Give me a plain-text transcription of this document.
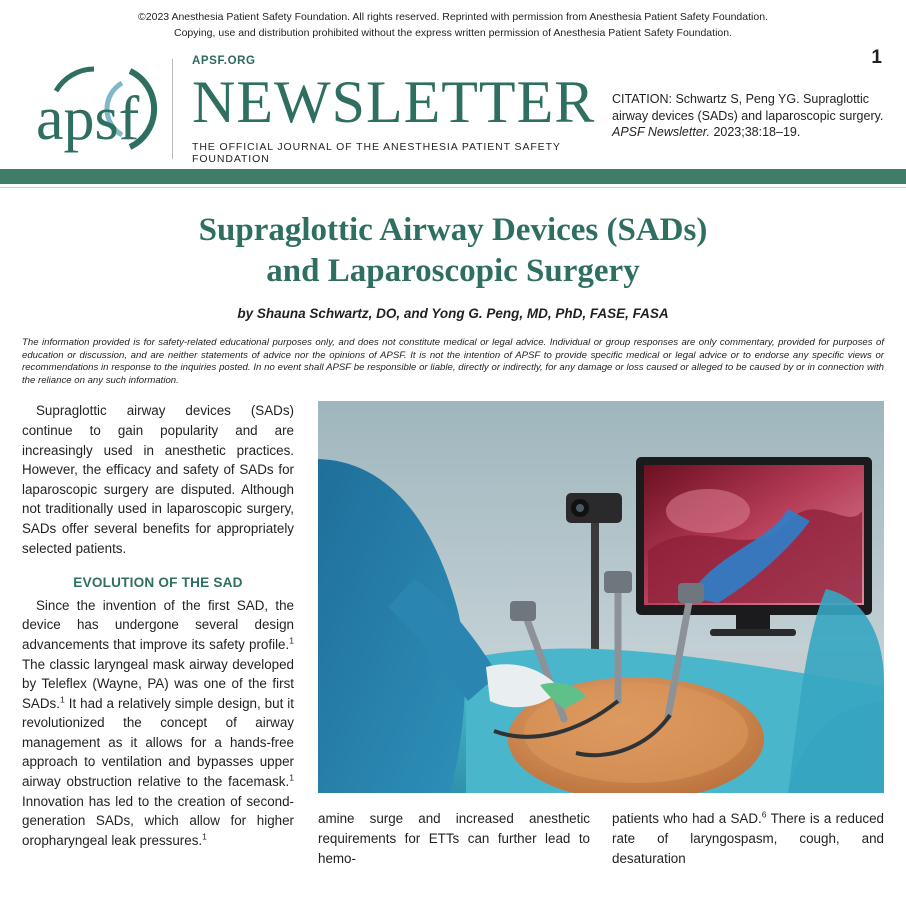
©2023 Anesthesia Patient Safety Foundation. All rights reserved. Reprinted with permission from Anesthesia Patient Safety Foundation.
Copying, use and distribution prohibited without the express written permission of Anesthesia Patient Safety Foundation.
1
apsf
APSF.ORG
NEWSLETTER
THE OFFICIAL JOURNAL OF THE ANESTHESIA PATIENT SAFETY FOUNDATION
CITATION: Schwartz S, Peng YG. Supraglottic airway devices (SADs) and laparoscopic surgery. APSF Newsletter. 2023;38:18–19.
Supraglottic Airway Devices (SADs)
and Laparoscopic Surgery
by Shauna Schwartz, DO, and Yong G. Peng, MD, PhD, FASE, FASA
The information provided is for safety-related educational purposes only, and does not constitute medical or legal advice. Individual or group responses are only commentary, provided for purposes of education or discussion, and are neither statements of advice nor the opinions of APSF. It is not the intention of APSF to provide specific medical or legal advice or to endorse any specific views or recommendations in response to the inquiries posted. In no event shall APSF be responsible or liable, directly or indirectly, for any damage or loss caused or alleged to be caused by or in connection with the reliance on any such information.

Supraglottic airway devices (SADs) continue to gain popularity and are increasingly used in anesthetic practices. However, the efficacy and safety of SADs for laparoscopic surgery are disputed. Although not traditionally used in laparoscopic surgery, SADs offer several benefits for appropriately selected patients.

EVOLUTION OF THE SAD

Since the invention of the first SAD, the device has undergone several design advancements that improve its safety profile.$^1$ The classic laryngeal mask airway developed by Teleflex (Wayne, PA) was one of the first SADs.$^1$ It had a relatively simple design, but it revolutionized the concept of airway management as it allows for a hands-free approach to ventilation and bypasses upper airway obstruction relative to the facemask.$^1$ Innovation has led to the creation of second-generation SADs, which allow for higher oropharyngeal leak pressures.$^1$

amine surge and increased anesthetic requirements for ETTs can further lead to hemo-

patients who had a SAD.$^6$ There is a reduced rate of laryngospasm, cough, and desaturation
